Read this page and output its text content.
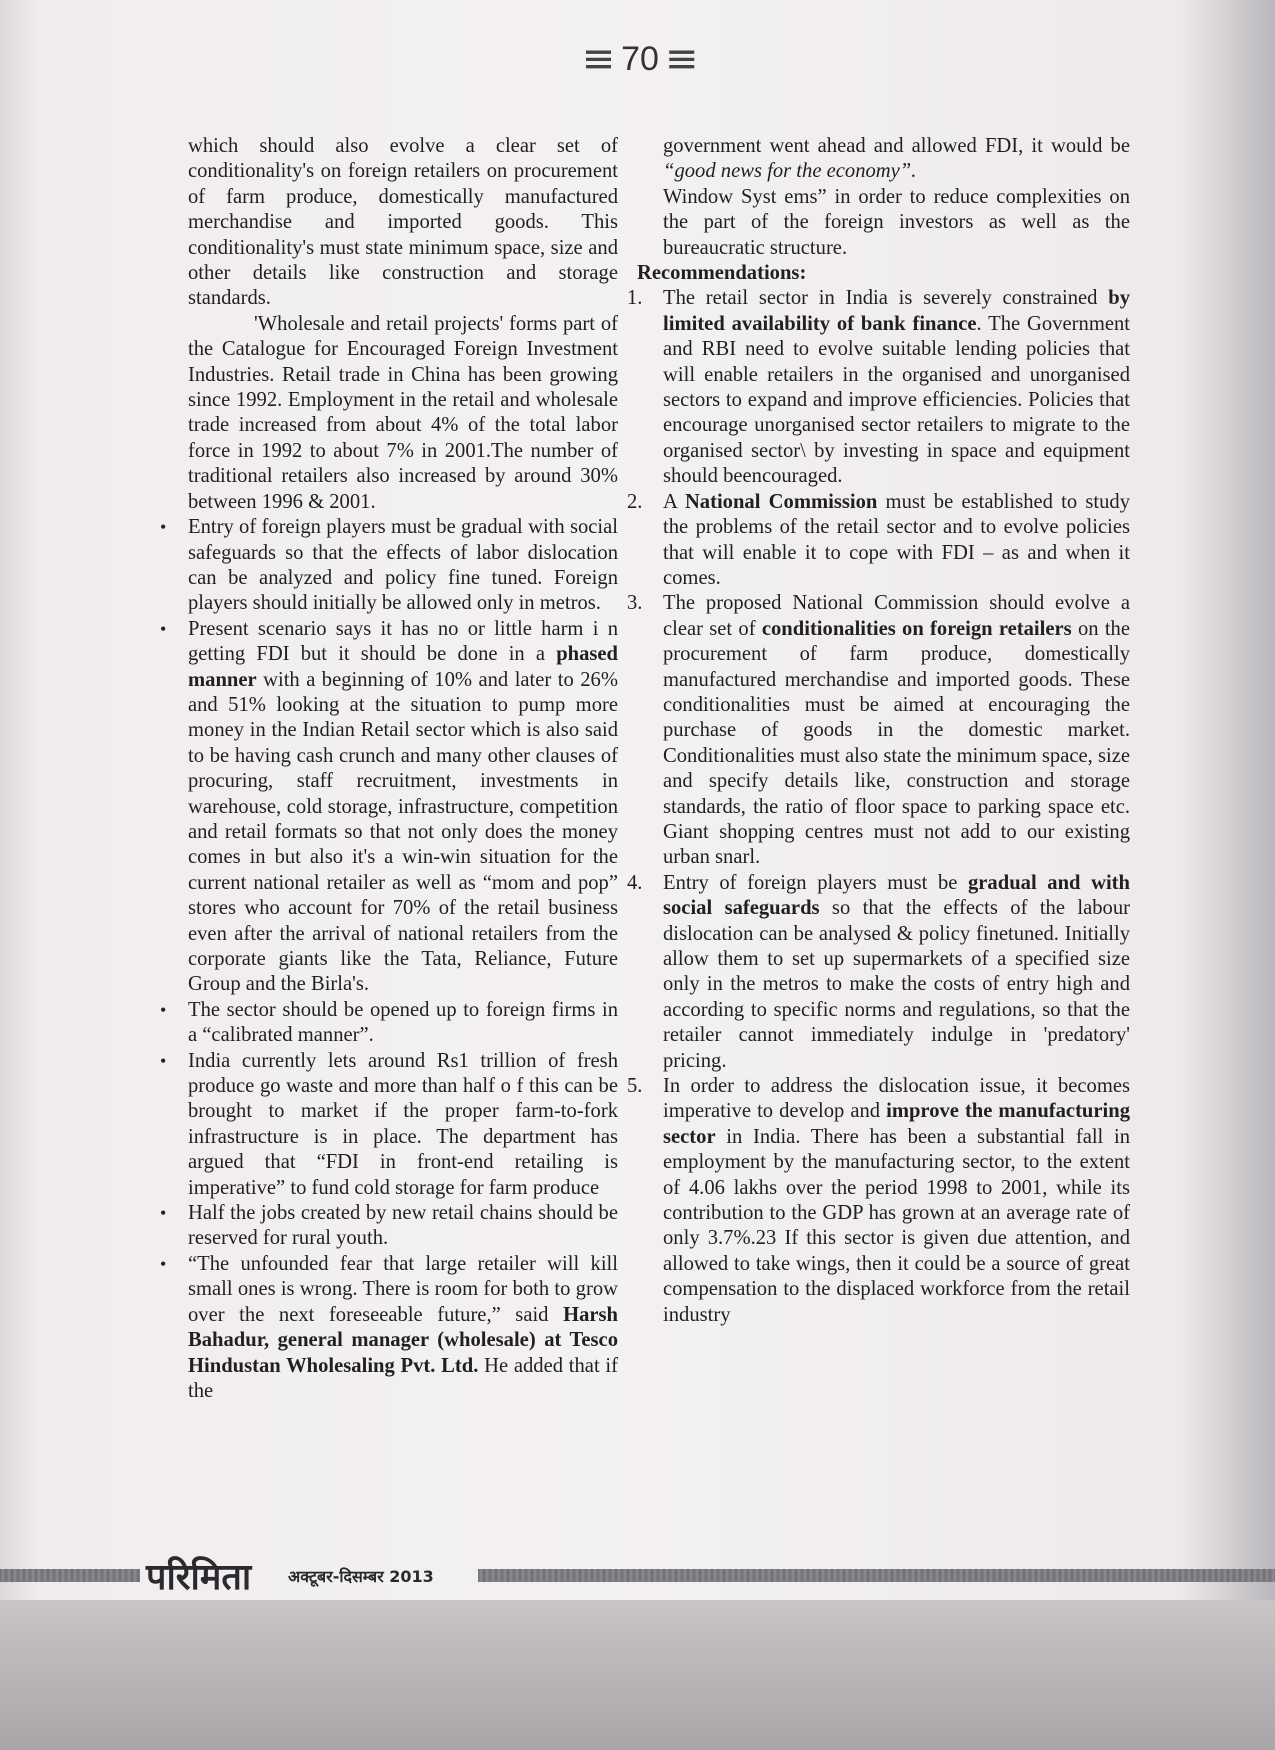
≡ 70 ≡

which should also evolve a clear set of conditionality's on foreign retailers on procurement of farm produce, domestically manufactured merchandise and imported goods. This conditionality's must state minimum space, size and other details like construction and storage standards.

'Wholesale and retail projects' forms part of the Catalogue for Encouraged Foreign Investment Industries. Retail trade in China has been growing since 1992. Employment in the retail and wholesale trade increased from about 4% of the total labor force in 1992 to about 7% in 2001.The number of traditional retailers also increased by around 30% between 1996 & 2001.

• Entry of foreign players must be gradual with social safeguards so that the effects of labor dislocation can be analyzed and policy fine tuned. Foreign players should initially be allowed only in metros.
• Present scenario says it has no or little harm i n getting FDI but it should be done in a phased manner with a beginning of 10% and later to 26% and 51% looking at the situation to pump more money in the Indian Retail sector which is also said to be having cash crunch and many other clauses of procuring, staff recruitment, investments in warehouse, cold storage, infrastructure, competition and retail formats so that not only does the money comes in but also it's a win-win situation for the current national retailer as well as “mom and pop” stores who account for 70% of the retail business even after the arrival of national retailers from the corporate giants like the Tata, Reliance, Future Group and the Birla's.
• The sector should be opened up to foreign firms in a “calibrated manner”.
• India currently lets around Rs1 trillion of fresh produce go waste and more than half o f this can be brought to market if the proper farm-to-fork infrastructure is in place. The department has argued that “FDI in front-end retailing is imperative” to fund cold storage for farm produce
• Half the jobs created by new retail chains should be reserved for rural youth.
• “The unfounded fear that large retailer will kill small ones is wrong. There is room for both to grow over the next foreseeable future,” said Harsh Bahadur, general manager (wholesale) at Tesco Hindustan Wholesaling Pvt. Ltd. He added that if the

government went ahead and allowed FDI, it would be “good news for the economy”.

Window Syst ems” in order to reduce complexities on the part of the foreign investors as well as the bureaucratic structure.

Recommendations:

1. The retail sector in India is severely constrained by limited availability of bank finance. The Government and RBI need to evolve suitable lending policies that will enable retailers in the organised and unorganised sectors to expand and improve efficiencies. Policies that encourage unorganised sector retailers to migrate to the organised sector\ by investing in space and equipment should beencouraged.
2. A National Commission must be established to study the problems of the retail sector and to evolve policies that will enable it to cope with FDI – as and when it comes.
3. The proposed National Commission should evolve a clear set of conditionalities on foreign retailers on the procurement of farm produce, domestically manufactured merchandise and imported goods. These conditionalities must be aimed at encouraging the purchase of goods in the domestic market. Conditionalities must also state the minimum space, size and specify details like, construction and storage standards, the ratio of floor space to parking space etc. Giant shopping centres must not add to our existing urban snarl.
4. Entry of foreign players must be gradual and with social safeguards so that the effects of the labour dislocation can be analysed & policy finetuned. Initially allow them to set up supermarkets of a specified size only in the metros to make the costs of entry high and according to specific norms and regulations, so that the retailer cannot immediately indulge in 'predatory' pricing.
5. In order to address the dislocation issue, it becomes imperative to develop and improve the manufacturing sector in India. There has been a substantial fall in employment by the manufacturing sector, to the extent of 4.06 lakhs over the period 1998 to 2001, while its contribution to the GDP has grown at an average rate of only 3.7%.23 If this sector is given due attention, and allowed to take wings, then it could be a source of great compensation to the displaced workforce from the retail industry
परिमिता अक्टूबर-दिसम्बर 2013
